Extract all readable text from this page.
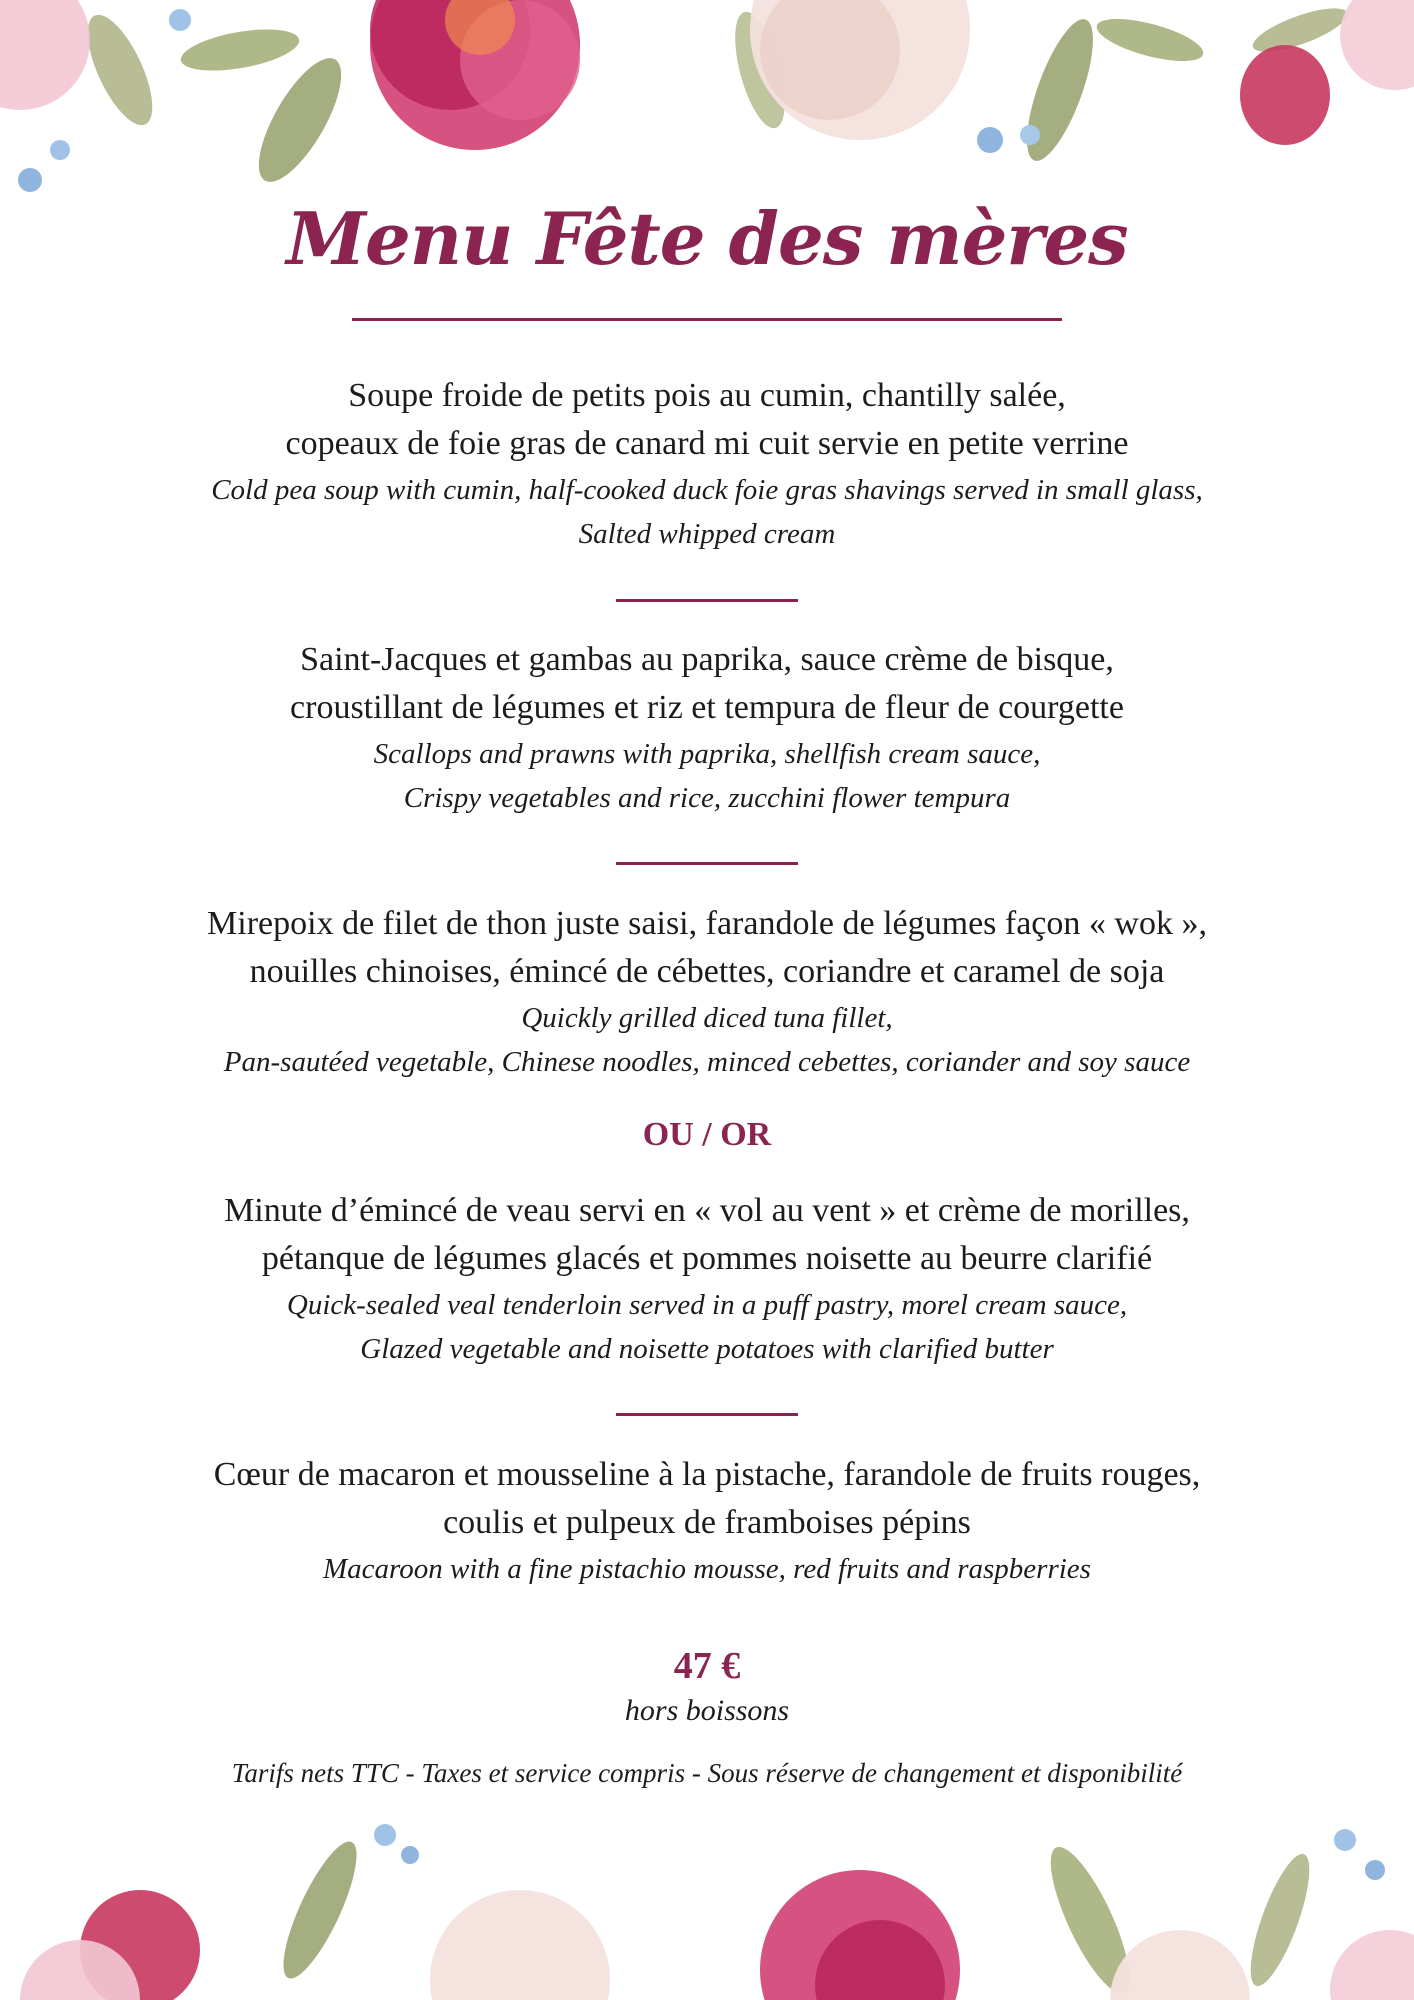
Menu Fête des mères
Soupe froide de petits pois au cumin, chantilly salée,
copeaux de foie gras de canard mi cuit servie en petite verrine
Cold pea soup with cumin, half-cooked duck foie gras shavings served in small glass,
Salted whipped cream
Saint-Jacques et gambas au paprika, sauce crème de bisque,
croustillant de légumes et riz et tempura de fleur de courgette
Scallops and prawns with paprika, shellfish cream sauce,
Crispy vegetables and rice, zucchini flower tempura
Mirepoix de filet de thon juste saisi, farandole de légumes façon « wok »,
nouilles chinoises, émincé de cébettes, coriandre et caramel de soja
Quickly grilled diced tuna fillet,
Pan-sautéed vegetable, Chinese noodles, minced cebettes, coriander and soy sauce
OU / OR
Minute d’émincé de veau servi en « vol au vent » et crème de morilles,
pétanque de légumes glacés et pommes noisette au beurre clarifié
Quick-sealed veal tenderloin served in a puff pastry, morel cream sauce,
Glazed vegetable and noisette potatoes with clarified butter
Cœur de macaron et mousseline à la pistache, farandole de fruits rouges,
coulis et pulpeux de framboises pépins
Macaroon with a fine pistachio mousse, red fruits and raspberries
47 €
hors boissons
Tarifs nets TTC - Taxes et service compris - Sous réserve de changement et disponibilité
